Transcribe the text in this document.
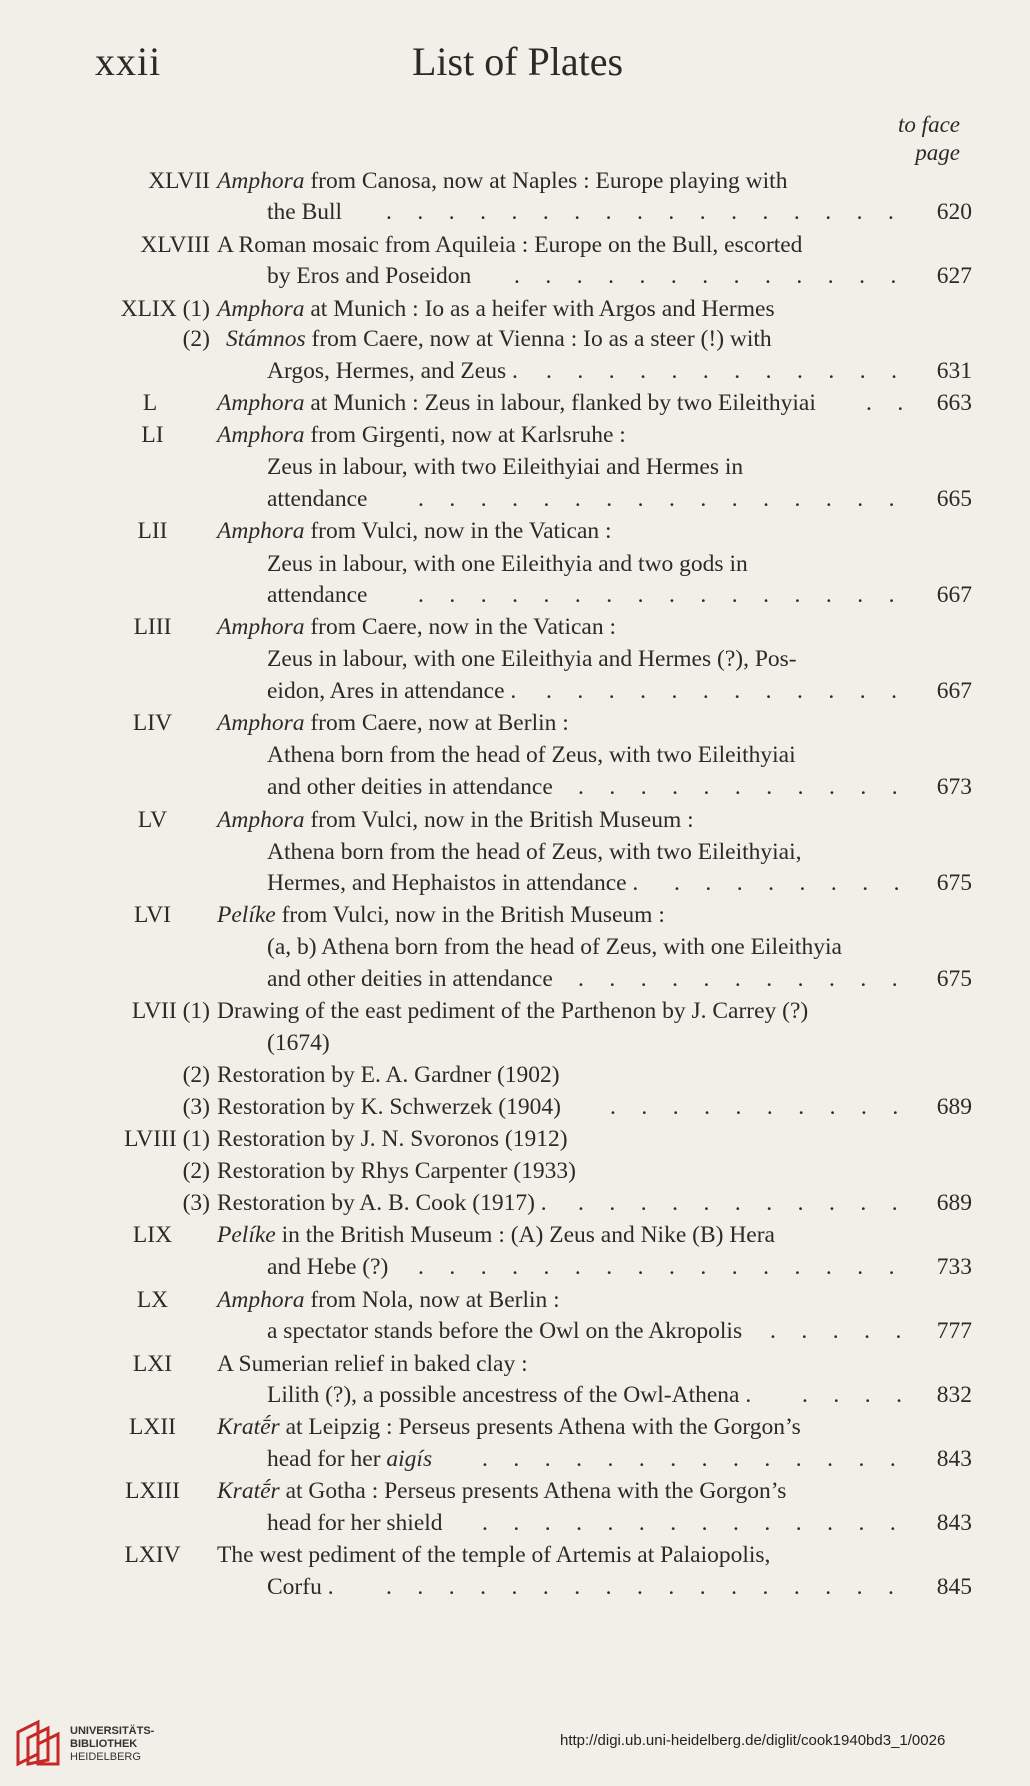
xxii	List of Plates
to face
page
XLVII Amphora from Canosa, now at Naples : Europe playing with
the Bull	620
.................
XLVIII A Roman mosaic from Aquileia : Europe on the Bull, escorted
by Eros and Poseidon	627
.............
XLIX (1) Amphora at Munich : Io as a heifer with Argos and Hermes
(2) Stámnos from Caere, now at Vienna : Io as a steer (!) with
Argos, Hermes, and Zeus .	631
............
L	Amphora at Munich : Zeus in labour, flanked by two Eileithyiai	663
..
LI	Amphora from Girgenti, now at Karlsruhe :
Zeus in labour, with two Eileithyiai and Hermes in
attendance	665
................
LII	Amphora from Vulci, now in the Vatican :
Zeus in labour, with one Eileithyia and two gods in
attendance	667
................
LIII	Amphora from Caere, now in the Vatican :
Zeus in labour, with one Eileithyia and Hermes (?), Pos-
eidon, Ares in attendance .	667
............
LIV	Amphora from Caere, now at Berlin :
Athena born from the head of Zeus, with two Eileithyiai
and other deities in attendance	673
...........
LV	Amphora from Vulci, now in the British Museum :
Athena born from the head of Zeus, with two Eileithyiai,
Hermes, and Hephaistos in attendance .	675
........
LVI	Pelíke from Vulci, now in the British Museum :
(a, b) Athena born from the head of Zeus, with one Eileithyia
and other deities in attendance	675
...........
LVII (1) Drawing of the east pediment of the Parthenon by J. Carrey (?)
(1674)
(2) Restoration by E. A. Gardner (1902)
(3) Restoration by K. Schwerzek (1904)	689
..........
LVIII (1) Restoration by J. N. Svoronos (1912)
(2) Restoration by Rhys Carpenter (1933)
(3) Restoration by A. B. Cook (1917) .	689
...........
LIX	Pelíke in the British Museum : (A) Zeus and Nike (B) Hera
and Hebe (?)	733
................
LX	Amphora from Nola, now at Berlin :
a spectator stands before the Owl on the Akropolis	777
.....
LXI	A Sumerian relief in baked clay :
Lilith (?), a possible ancestress of the Owl-Athena .	832
....
LXII	Kratḗr at Leipzig : Perseus presents Athena with the Gorgon’s
head for her aigís	843
..............
LXIII	Kratḗr at Gotha : Perseus presents Athena with the Gorgon’s
head for her shield	843
..............
LXIV	The west pediment of the temple of Artemis at Palaiopolis,
Corfu .	845
.................
UNIVERSITÄTS-
BIBLIOTHEK
HEIDELBERG
http://digi.ub.uni-heidelberg.de/diglit/cook1940bd3_1/0026
